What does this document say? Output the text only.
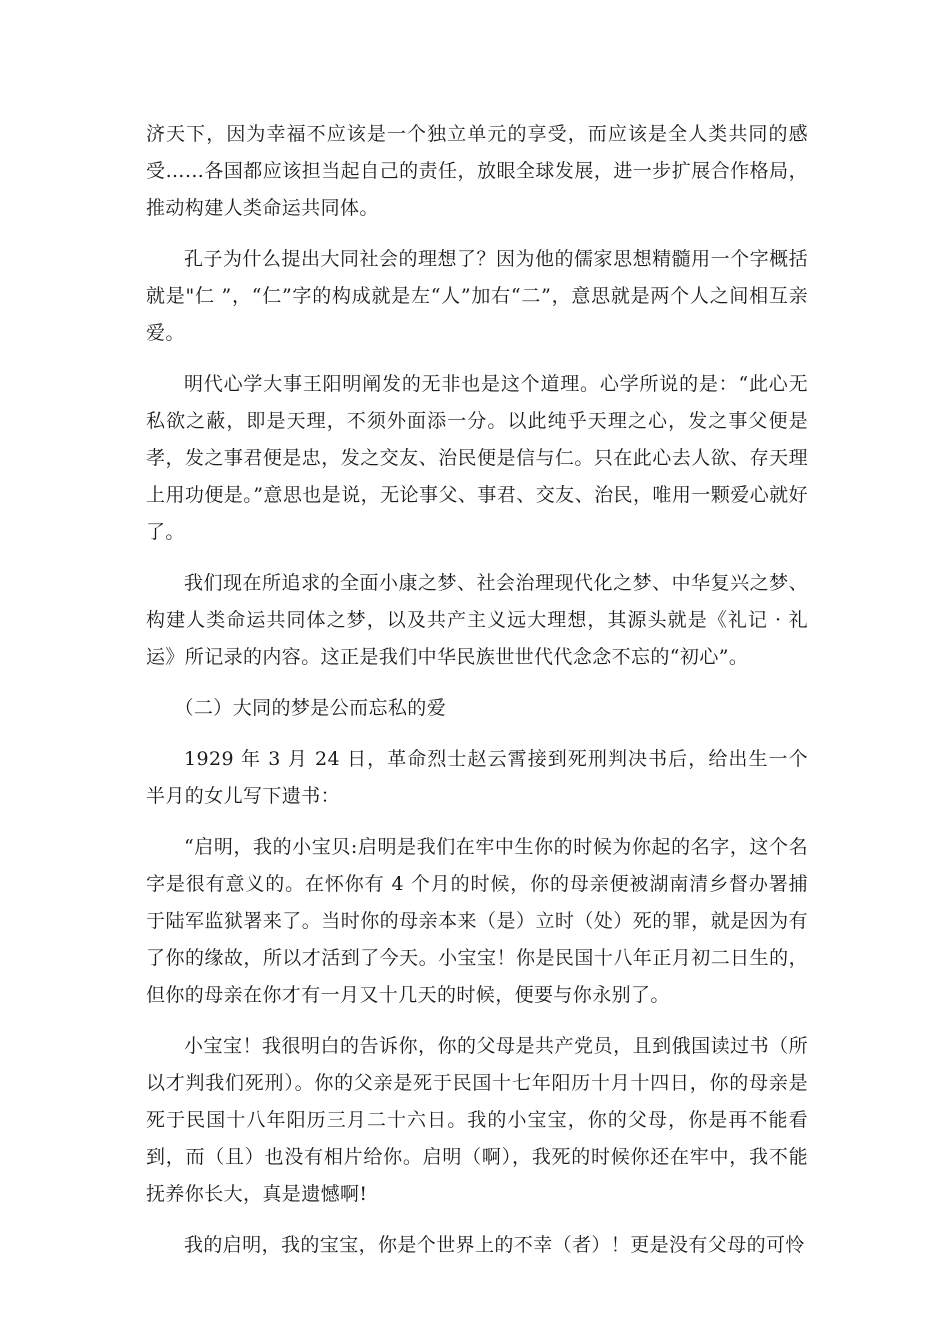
济天下，因为幸福不应该是一个独立单元的享受，而应该是全人类共同的感受……各国都应该担当起自己的责任，放眼全球发展，进一步扩展合作格局，推动构建人类命运共同体。

孔子为什么提出大同社会的理想了？因为他的儒家思想精髓用一个字概括就是"仁 ”，“仁”字的构成就是左“人”加右“二”，意思就是两个人之间相互亲爱。

明代心学大事王阳明阐发的无非也是这个道理。心学所说的是：“此心无私欲之蔽，即是天理，不须外面添一分。以此纯乎天理之心，发之事父便是孝，发之事君便是忠，发之交友、治民便是信与仁。只在此心去人欲、存天理上用功便是。”意思也是说，无论事父、事君、交友、治民，唯用一颗爱心就好了。

我们现在所追求的全面小康之梦、社会治理现代化之梦、中华复兴之梦、构建人类命运共同体之梦，以及共产主义远大理想，其源头就是《礼记 · 礼运》所记录的内容。这正是我们中华民族世世代代念念不忘的“初心”。

（二）大同的梦是公而忘私的爱

1929 年 3 月 24 日，革命烈士赵云霄接到死刑判决书后，给出生一个半月的女儿写下遗书：

“启明，我的小宝贝:启明是我们在牢中生你的时候为你起的名字，这个名字是很有意义的。在怀你有 4 个月的时候，你的母亲便被湖南清乡督办署捕于陆军监狱署来了。当时你的母亲本来（是）立时（处）死的罪，就是因为有了你的缘故，所以才活到了今天。小宝宝！你是民国十八年正月初二日生的，但你的母亲在你才有一月又十几天的时候，便要与你永别了。

小宝宝！我很明白的告诉你，你的父母是共产党员，且到俄国读过书（所以才判我们死刑）。你的父亲是死于民国十七年阳历十月十四日，你的母亲是死于民国十八年阳历三月二十六日。我的小宝宝，你的父母，你是再不能看到，而（且）也没有相片给你。启明（啊），我死的时候你还在牢中，我不能抚养你长大，真是遗憾啊!

我的启明，我的宝宝，你是个世界上的不幸（者）！更是没有父母的可怜
